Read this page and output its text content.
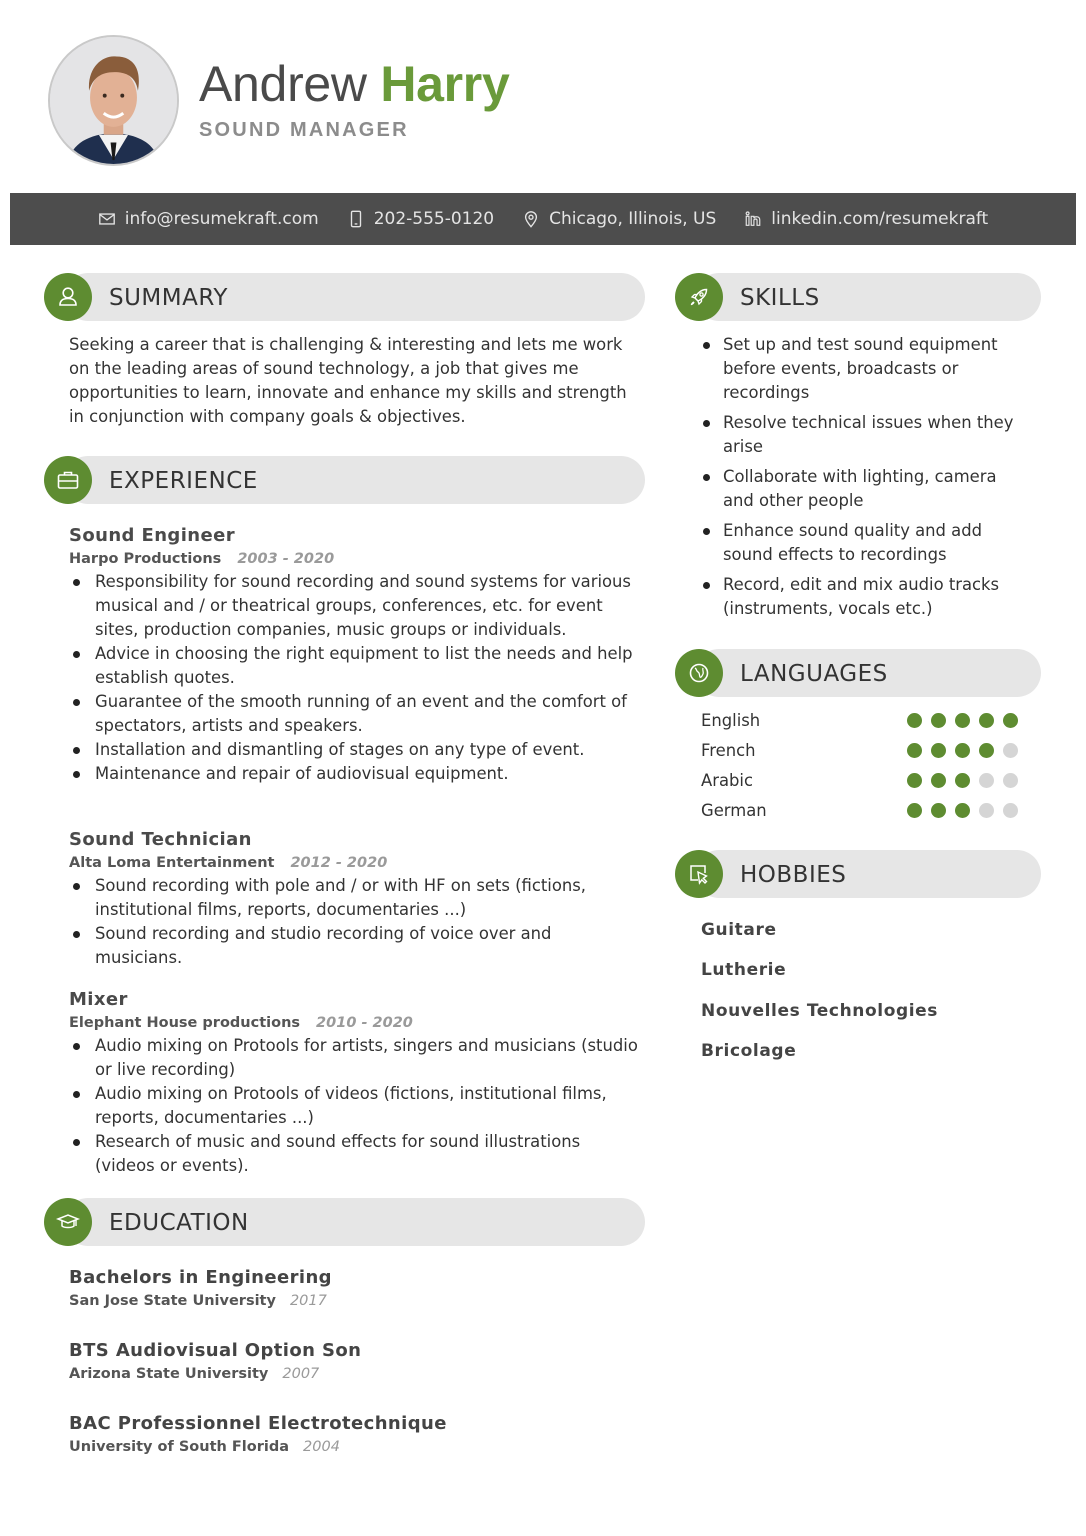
Andrew Harry
SOUND MANAGER
info@resumekraft.com	202-555-0120	Chicago, Illinois, US	linkedin.com/resumekraft
SUMMARY
Seeking a career that is challenging & interesting and lets me work on the leading areas of sound technology, a job that gives me opportunities to learn, innovate and enhance my skills and strength in conjunction with company goals & objectives.
EXPERIENCE
Sound Engineer
Harpo Productions 2003 - 2020
Responsibility for sound recording and sound systems for various musical and / or theatrical groups, conferences, etc. for event sites, production companies, music groups or individuals.
Advice in choosing the right equipment to list the needs and help establish quotes.
Guarantee of the smooth running of an event and the comfort of spectators, artists and speakers.
Installation and dismantling of stages on any type of event.
Maintenance and repair of audiovisual equipment.
Sound Technician
Alta Loma Entertainment 2012 - 2020
Sound recording with pole and / or with HF on sets (fictions, institutional films, reports, documentaries ...)
Sound recording and studio recording of voice over and musicians.
Mixer
Elephant House productions 2010 - 2020
Audio mixing on Protools for artists, singers and musicians (studio or live recording)
Audio mixing on Protools of videos (fictions, institutional films, reports, documentaries ...)
Research of music and sound effects for sound illustrations (videos or events).
EDUCATION
Bachelors in Engineering
San Jose State University 2017
BTS Audiovisual Option Son
Arizona State University 2007
BAC Professionnel Electrotechnique
University of South Florida 2004
SKILLS
Set up and test sound equipment before events, broadcasts or recordings
Resolve technical issues when they arise
Collaborate with lighting, camera and other people
Enhance sound quality and add sound effects to recordings
Record, edit and mix audio tracks (instruments, vocals etc.)
LANGUAGES
English
French
Arabic
German
HOBBIES
Guitare
Lutherie
Nouvelles Technologies
Bricolage
